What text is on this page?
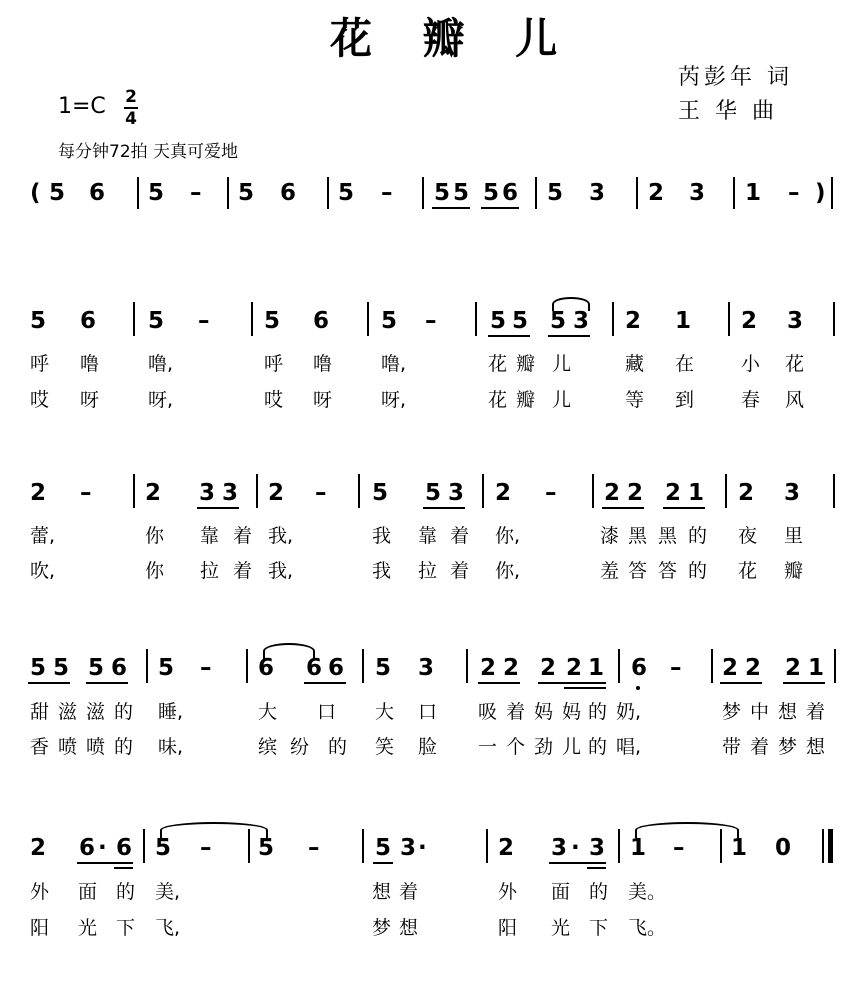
花 瓣 儿
芮彭年 词
王 华 曲
1=C 2
4
每分钟72拍 天真可爱地
( 5 6 5 – 5 6 5 – 5 5 5 6 5 3 2 3 1 – )
5 6 5 – 5 6 5 – 5 5 5 3 2 1 2 3
呼 噜	噜,	呼 噜	噜,	花 瓣 儿	藏 在 小 花
哎 呀	呀,	哎 呀	呀,	花 瓣 儿	等 到 春 风
2 – 2 3 3 2 – 5 5 3 2 – 2 2 2 1 2 3
蕾,	你 靠 着 我,	我 靠 着 你,	漆 黑 黑 的 夜 里
吹,	你 拉 着 我,	我 拉 着 你,	羞 答 答 的 花 瓣
5 5 5 6 5 – 6 6 6 5 3 2 2 2 2 1 6 – 2 2 2 1
甜 滋 滋 的 睡,	大 口 大 口 吸 着 妈 妈 的 奶,	梦 中 想 着
香 喷 喷 的 味,	缤 纷 的 笑 脸 一 个 劲 儿 的 唱,	带 着 梦 想
2 6 · 6 5 – 5 – 5 3 ·	2 3 · 3 1 – 1 0
外 面 的 美,	想 着	外 面 的 美。
阳 光 下 飞,	梦 想	阳 光 下 飞。
